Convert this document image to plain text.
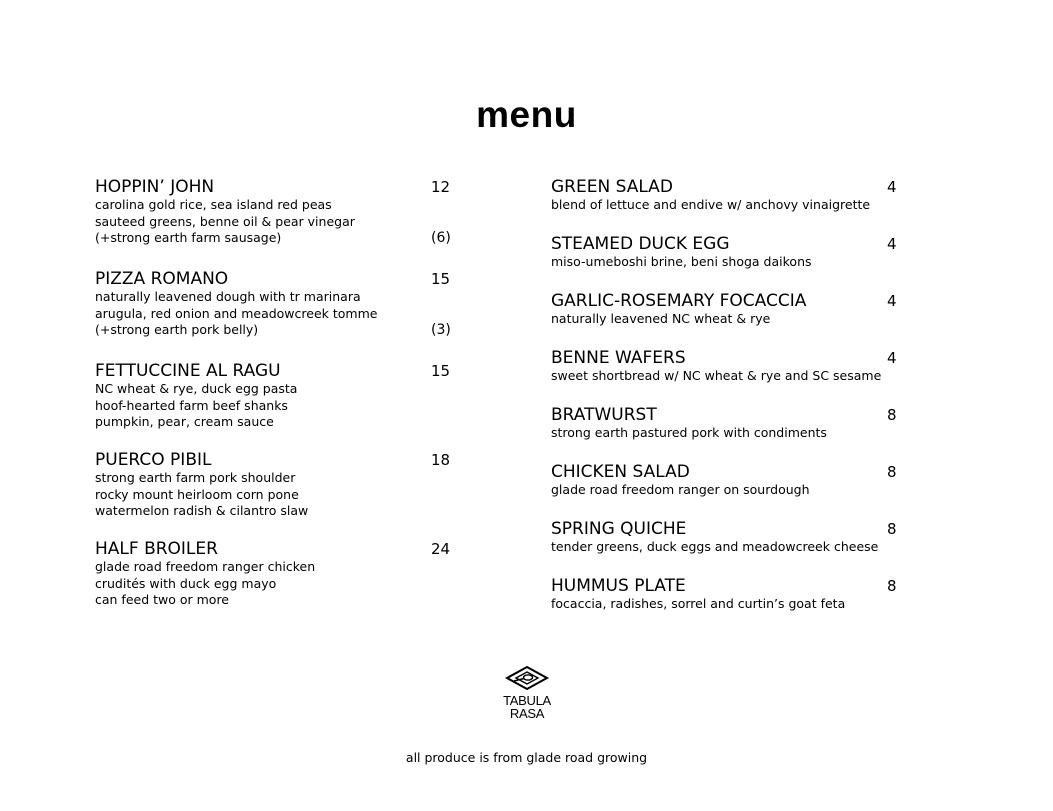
menu
HOPPIN’ JOHN	12
carolina gold rice, sea island red peas
sauteed greens, benne oil & pear vinegar
(+strong earth farm sausage)	(6)
PIZZA ROMANO	15
naturally leavened dough with tr marinara
arugula, red onion and meadowcreek tomme
(+strong earth pork belly)	(3)
FETTUCCINE AL RAGU	15
NC wheat & rye, duck egg pasta
hoof-hearted farm beef shanks
pumpkin, pear, cream sauce
PUERCO PIBIL	18
strong earth farm pork shoulder
rocky mount heirloom corn pone
watermelon radish & cilantro slaw
HALF BROILER	24
glade road freedom ranger chicken
crudités with duck egg mayo
can feed two or more
GREEN SALAD	4
blend of lettuce and endive w/ anchovy vinaigrette
STEAMED DUCK EGG	4
miso-umeboshi brine, beni shoga daikons
GARLIC-ROSEMARY FOCACCIA	4
naturally leavened NC wheat & rye
BENNE WAFERS	4
sweet shortbread w/ NC wheat & rye and SC sesame
BRATWURST	8
strong earth pastured pork with condiments
CHICKEN SALAD	8
glade road freedom ranger on sourdough
SPRING QUICHE	8
tender greens, duck eggs and meadowcreek cheese
HUMMUS PLATE	8
focaccia, radishes, sorrel and curtin’s goat feta
TABULA
RASA
all produce is from glade road growing
